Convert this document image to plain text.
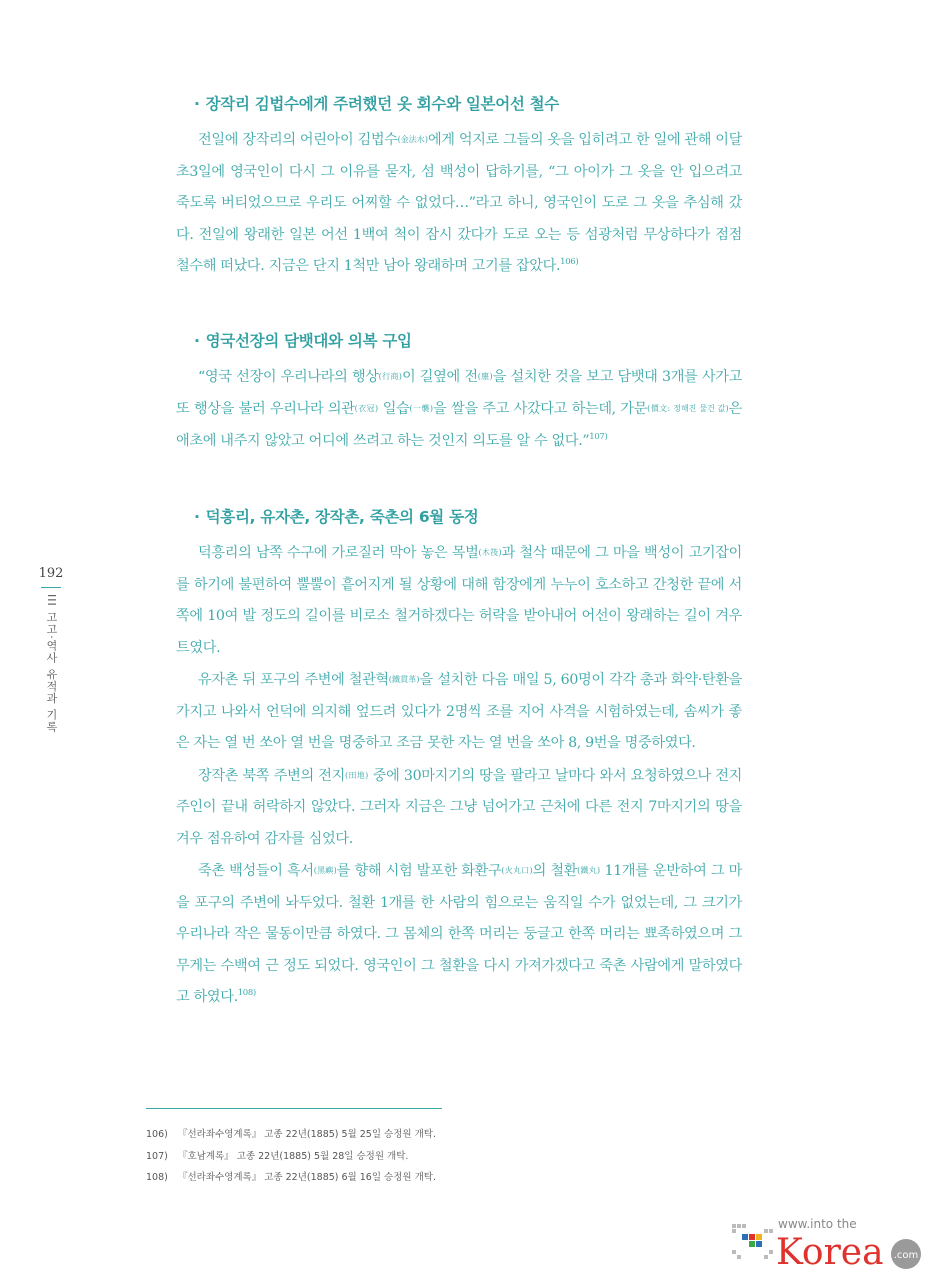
· 장작리 김법수에게 주려했던 옷 회수와 일본어선 철수

전일에 장작리의 어린아이 김법수(金法水)에게 억지로 그들의 옷을 입히려고 한 일에 관해 이달 초3일에 영국인이 다시 그 이유를 묻자, 섬 백성이 답하기를, “그 아이가 그 옷을 안 입으려고 죽도록 버티었으므로 우리도 어찌할 수 없었다…”라고 하니, 영국인이 도로 그 옷을 추심해 갔다. 전일에 왕래한 일본 어선 1백여 척이 잠시 갔다가 도로 오는 등 섬광처럼 무상하다가 점점 철수해 떠났다. 지금은 단지 1척만 남아 왕래하며 고기를 잡았다.$^{106)}$

· 영국선장의 담뱃대와 의복 구입

“영국 선장이 우리나라의 행상(行商)이 길옆에 전(廛)을 설치한 것을 보고 담뱃대 3개를 사가고 또 행상을 불러 우리나라 의관(衣冠) 일습(一襲)을 쌀을 주고 사갔다고 하는데, 가문(價文: 정해진 물건 값)은 애초에 내주지 않았고 어디에 쓰려고 하는 것인지 의도를 알 수 없다.”$^{107)}$

· 덕흥리, 유자촌, 장작촌, 죽촌의 6월 동정

덕흥리의 남쪽 수구에 가로질러 막아 놓은 목벌(木筏)과 철삭 때문에 그 마을 백성이 고기잡이를 하기에 불편하여 뿔뿔이 흩어지게 될 상황에 대해 함장에게 누누이 호소하고 간청한 끝에 서쪽에 10여 발 정도의 길이를 비로소 철거하겠다는 허락을 받아내어 어선이 왕래하는 길이 겨우 트였다.

유자촌 뒤 포구의 주변에 철관혁(鐵貫革)을 설치한 다음 매일 5, 60명이 각각 총과 화약·탄환을 가지고 나와서 언덕에 의지해 엎드려 있다가 2명씩 조를 지어 사격을 시험하였는데, 솜씨가 좋은 자는 열 번 쏘아 열 번을 명중하고 조금 못한 자는 열 번을 쏘아 8, 9번을 명중하였다.

장작촌 북쪽 주변의 전지(田地) 중에 30마지기의 땅을 팔라고 날마다 와서 요청하였으나 전지 주인이 끝내 허락하지 않았다. 그러자 지금은 그냥 넘어가고 근처에 다른 전지 7마지기의 땅을 겨우 점유하여 감자를 심었다.

죽촌 백성들이 흑서(黑嶼)를 향해 시험 발포한 화환구(火丸口)의 철환(鐵丸) 11개를 운반하여 그 마을 포구의 주변에 놔두었다. 철환 1개를 한 사람의 힘으로는 움직일 수가 없었는데, 그 크기가 우리나라 작은 물동이만큼 하였다. 그 몸체의 한쪽 머리는 둥글고 한쪽 머리는 뾰족하였으며 그 무게는 수백여 근 정도 되었다. 영국인이 그 철환을 다시 가져가겠다고 죽촌 사람에게 말하였다고 하였다.$^{108)}$

192
III 고고·역사 유적과 기록
106) 『선라좌수영계록』 고종 22년(1885) 5월 25일 승정원 개탁.
107) 『호남계록』 고종 22년(1885) 5월 28일 승정원 개탁.
108) 『선라좌수영계록』 고종 22년(1885) 6월 16일 승정원 개탁.
www.into the
Korea .com
